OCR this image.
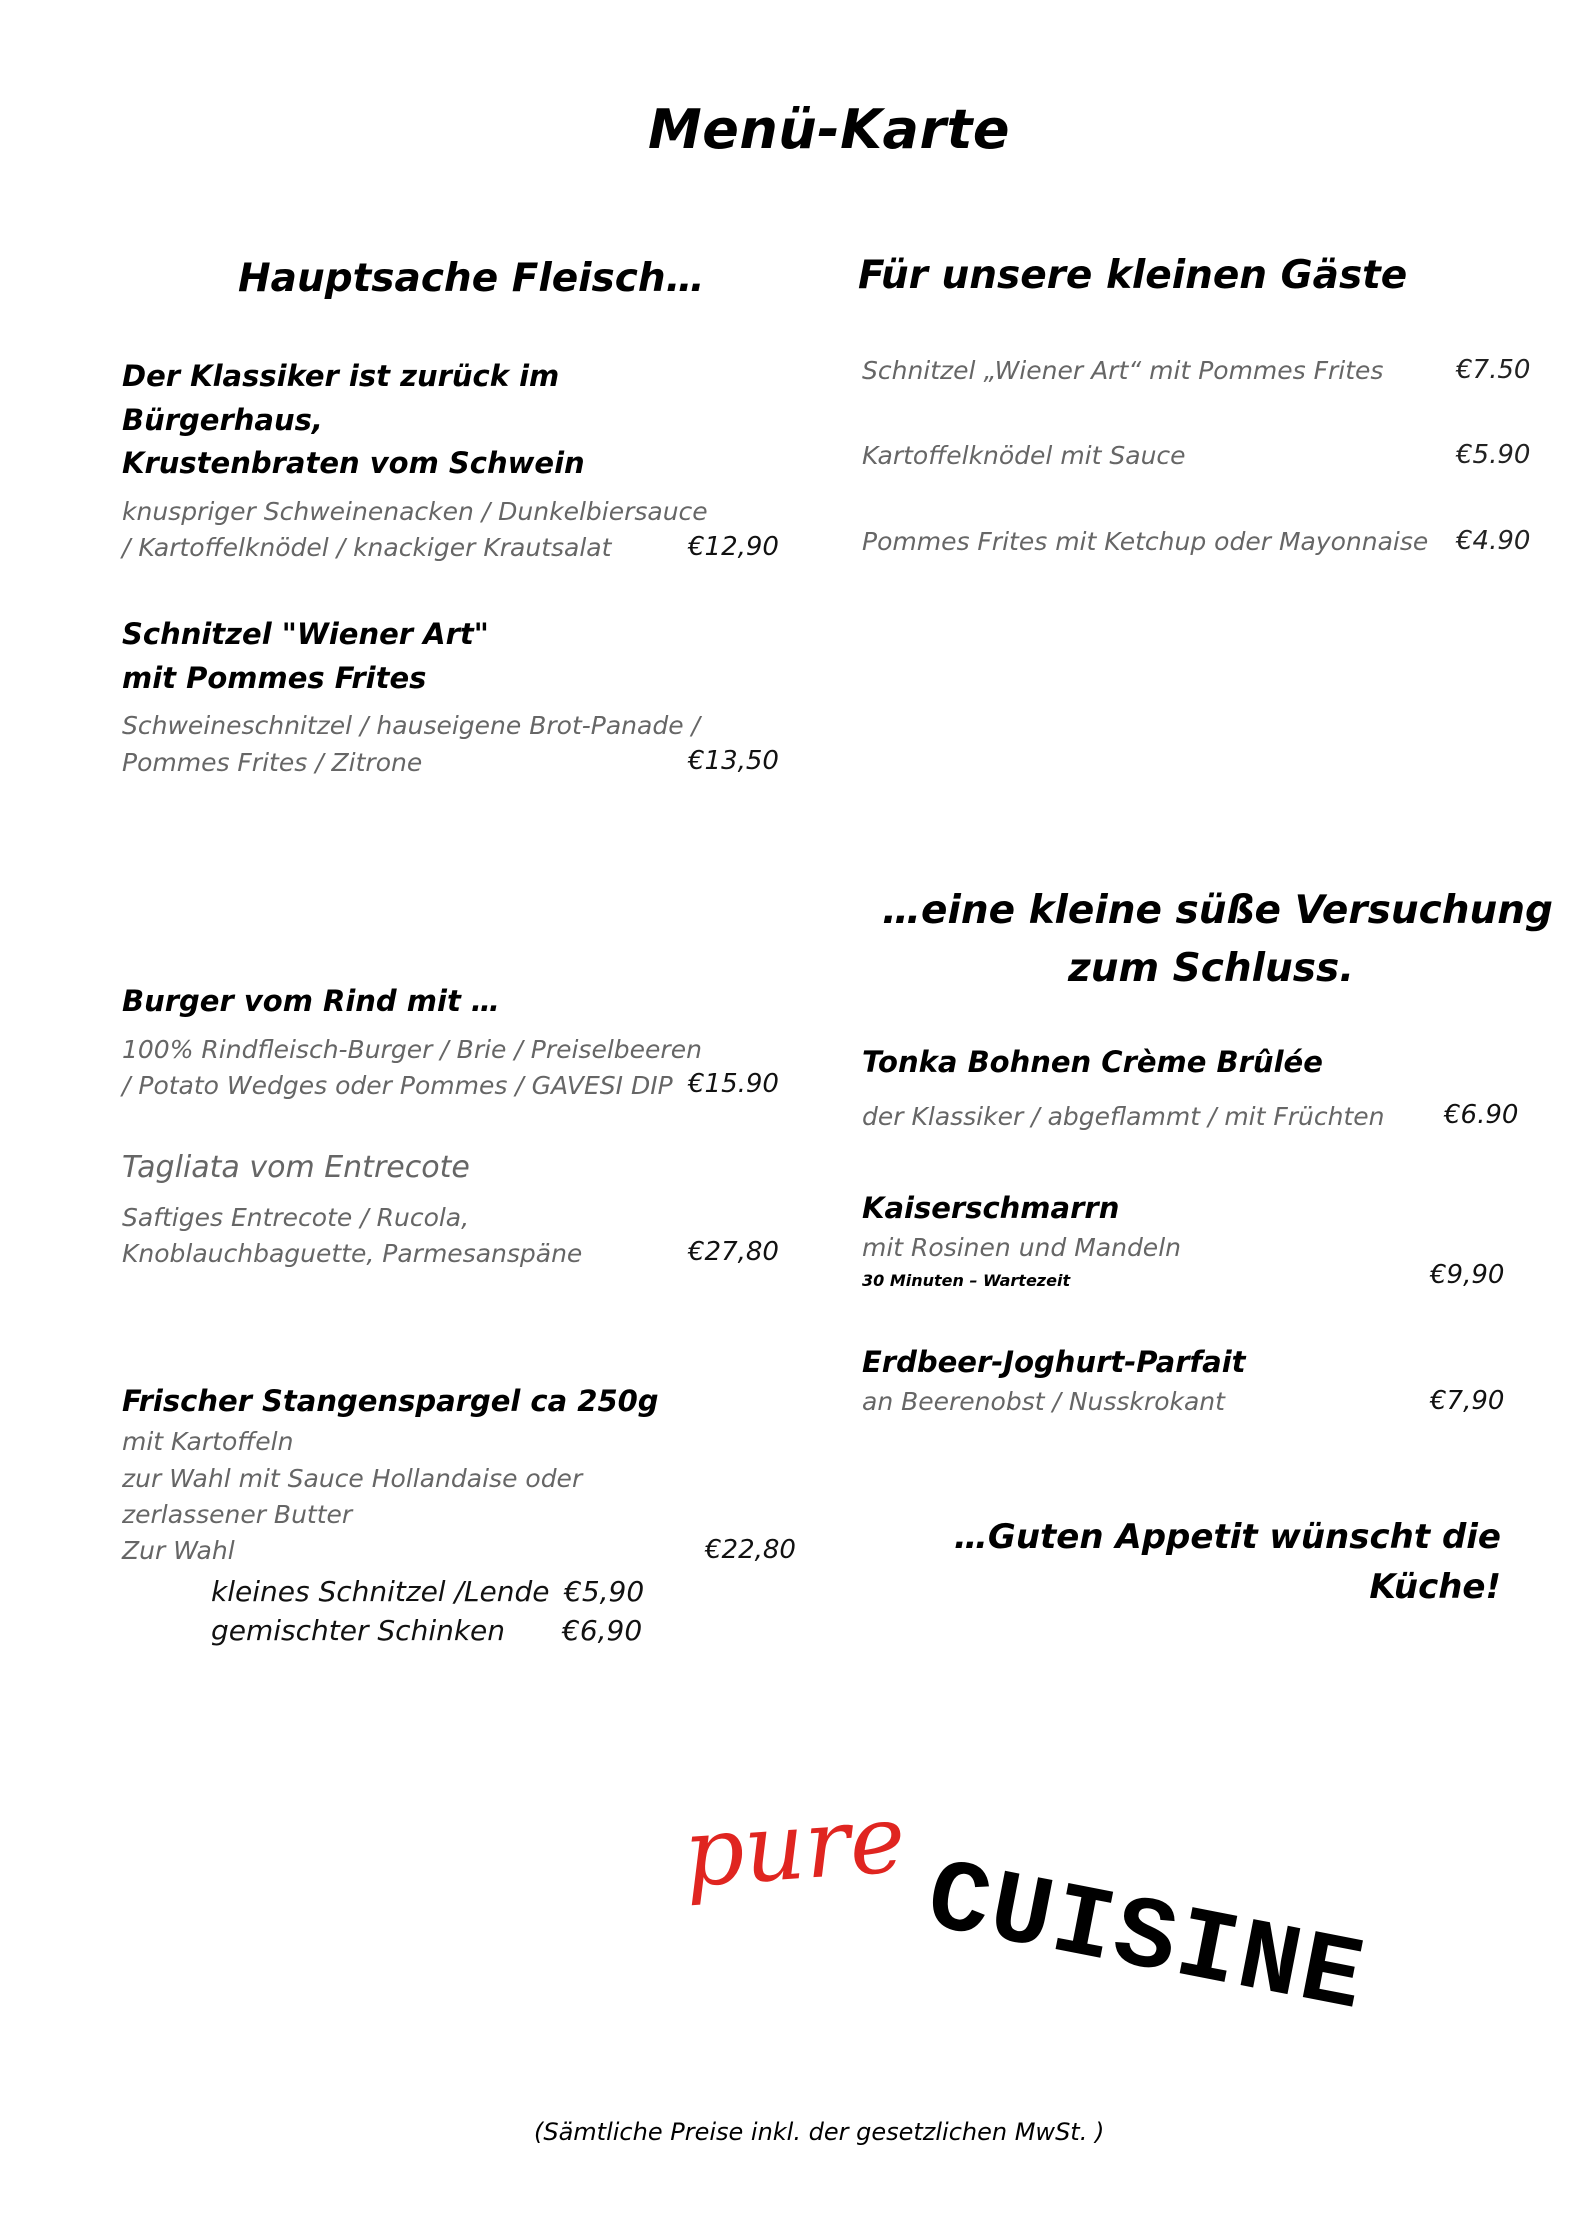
Menü-Karte
Hauptsache Fleisch…
Der Klassiker ist zurück im
Bürgerhaus,
Krustenbraten vom Schwein
knuspriger Schweinenacken / Dunkelbiersauce
/ Kartoffelknödel / knackiger Krautsalat	€12,90
Schnitzel "Wiener Art"
mit Pommes Frites
Schweineschnitzel / hauseigene Brot-Panade /
Pommes Frites / Zitrone	€13,50
Burger vom Rind mit …
100% Rindfleisch-Burger / Brie / Preiselbeeren
/ Potato Wedges oder Pommes / GAVESI DIP €15.90
Tagliata vom Entrecote
Saftiges Entrecote / Rucola,
Knoblauchbaguette, Parmesanspäne	€27,80
Frischer Stangenspargel ca 250g
mit Kartoffeln
zur Wahl mit Sauce Hollandaise oder
zerlassener Butter
Zur Wahl	€22,80
kleines Schnitzel /Lende €5,90
gemischter Schinken €6,90
Für unsere kleinen Gäste
Schnitzel „Wiener Art“ mit Pommes Frites	€7.50
Kartoffelknödel mit Sauce	€5.90
Pommes Frites mit Ketchup oder Mayonnaise €4.90
…eine kleine süße Versuchung
zum Schluss.
Tonka Bohnen Crème Brûlée
der Klassiker / abgeflammt / mit Früchten €6.90
Kaiserschmarrn
mit Rosinen und Mandeln
30 Minuten – Wartezeit	€9,90
Erdbeer-Joghurt-Parfait
an Beerenobst / Nusskrokant	€7,90
…Guten Appetit wünscht die
Küche!
pure CUISINE
(Sämtliche Preise inkl. der gesetzlichen MwSt. )
